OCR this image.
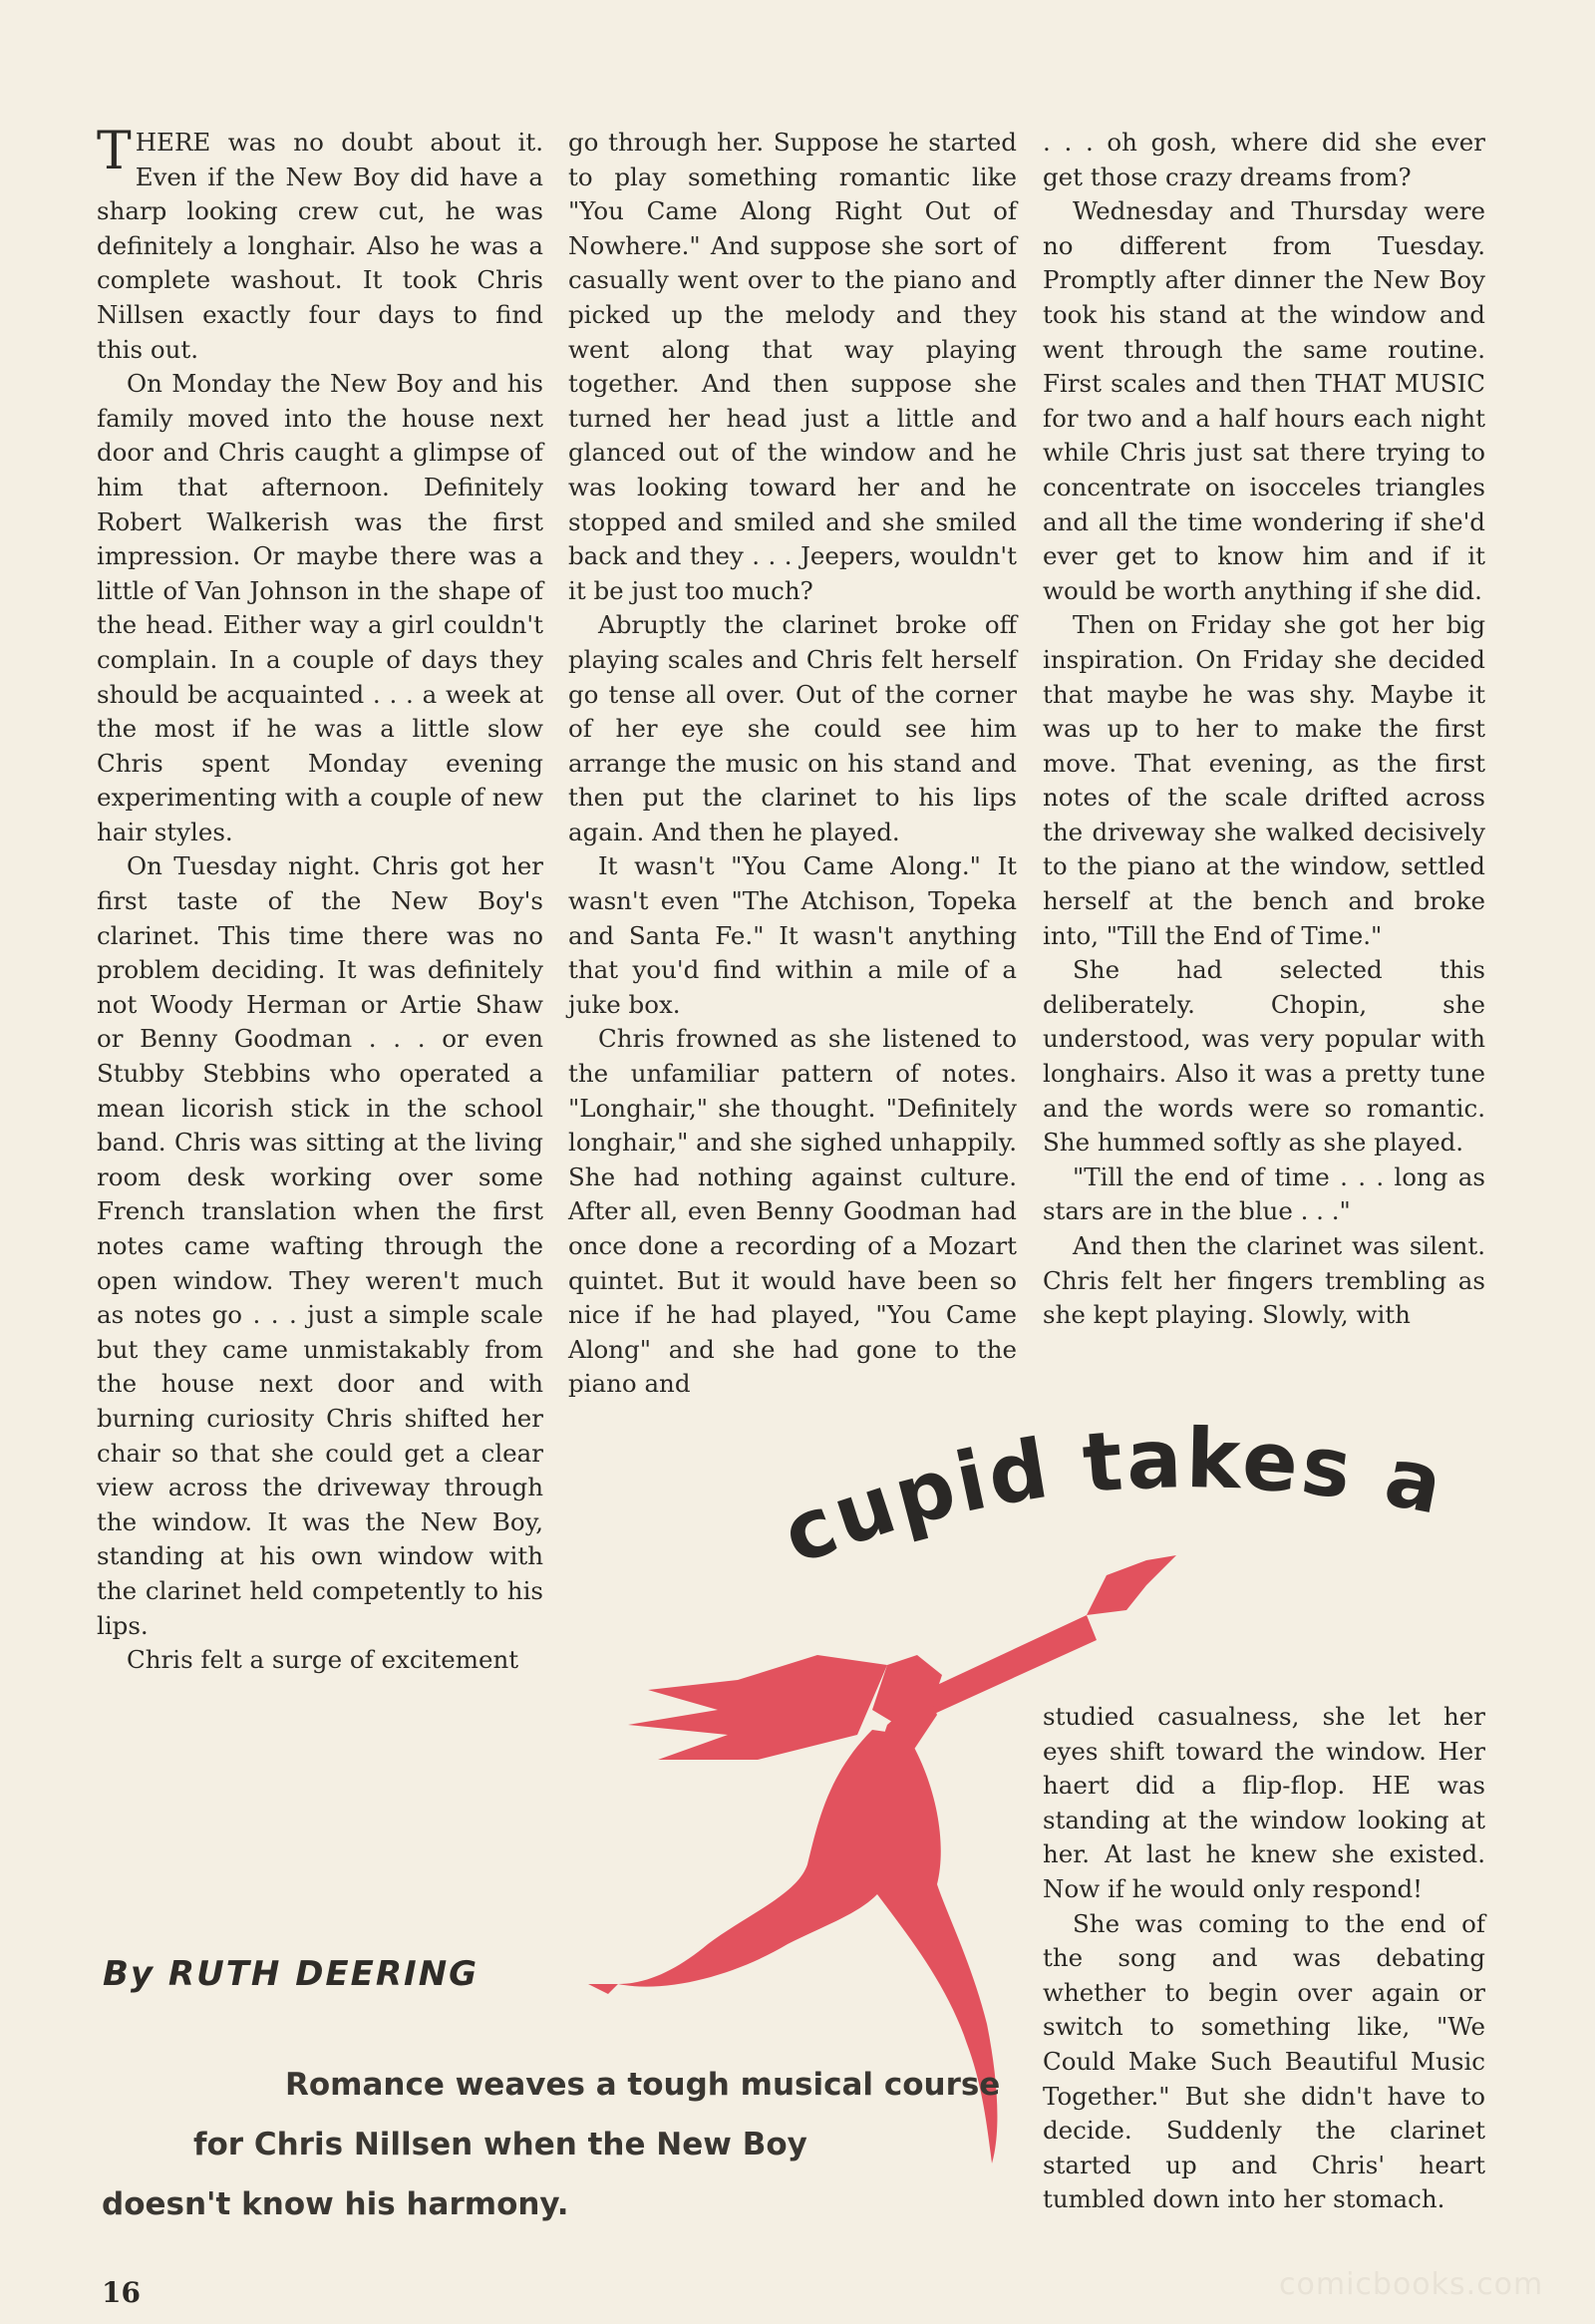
T HERE was no doubt about it. Even if the New Boy did have a sharp looking crew cut, he was definitely a longhair. Also he was a complete washout. It took Chris Nillsen exactly four days to find this out.

On Monday the New Boy and his family moved into the house next door and Chris caught a glimpse of him that afternoon. Definitely Robert Walkerish was the first impression. Or maybe there was a little of Van Johnson in the shape of the head. Either way a girl couldn't complain. In a couple of days they should be acquainted . . . a week at the most if he was a little slow Chris spent Monday evening experimenting with a couple of new hair styles.

On Tuesday night. Chris got her first taste of the New Boy's clarinet. This time there was no problem deciding. It was definitely not Woody Herman or Artie Shaw or Benny Goodman . . . or even Stubby Stebbins who operated a mean licorish stick in the school band. Chris was sitting at the living room desk working over some French translation when the first notes came wafting through the open window. They weren't much as notes go . . . just a simple scale but they came unmistakably from the house next door and with burning curiosity Chris shifted her chair so that she could get a clear view across the driveway through the window. It was the New Boy, standing at his own window with the clarinet held competently to his lips.

Chris felt a surge of excitement

go through her. Suppose he started to play something romantic like "You Came Along Right Out of Nowhere." And suppose she sort of casually went over to the piano and picked up the melody and they went along that way playing together. And then suppose she turned her head just a little and glanced out of the window and he was looking toward her and he stopped and smiled and she smiled back and they . . . Jeepers, wouldn't it be just too much?

Abruptly the clarinet broke off playing scales and Chris felt herself go tense all over. Out of the corner of her eye she could see him arrange the music on his stand and then put the clarinet to his lips again. And then he played.

It wasn't "You Came Along." It wasn't even "The Atchison, Topeka and Santa Fe." It wasn't anything that you'd find within a mile of a juke box.

Chris frowned as she listened to the unfamiliar pattern of notes. "Longhair," she thought. "Definitely longhair," and she sighed unhappily. She had nothing against culture. After all, even Benny Goodman had once done a recording of a Mozart quintet. But it would have been so nice if he had played, "You Came Along" and she had gone to the piano and

. . . oh gosh, where did she ever get those crazy dreams from?

Wednesday and Thursday were no different from Tuesday. Promptly after dinner the New Boy took his stand at the window and went through the same routine. First scales and then THAT MUSIC for two and a half hours each night while Chris just sat there trying to concentrate on isocceles triangles and all the time wondering if she'd ever get to know him and if it would be worth anything if she did.

Then on Friday she got her big inspiration. On Friday she decided that maybe he was shy. Maybe it was up to her to make the first move. That evening, as the first notes of the scale drifted across the driveway she walked decisively to the piano at the window, settled herself at the bench and broke into, "Till the End of Time."

She had selected this deliberately. Chopin, she understood, was very popular with longhairs. Also it was a pretty tune and the words were so romantic. She hummed softly as she played.

"Till the end of time . . . long as stars are in the blue . . ."

And then the clarinet was silent. Chris felt her fingers trembling as she kept playing. Slowly, with

studied casualness, she let her eyes shift toward the window. Her haert did a flip-flop. HE was standing at the window looking at her. At last he knew she existed. Now if he would only respond!

She was coming to the end of the song and was debating whether to begin over again or switch to something like, "We Could Make Such Beautiful Music Together." But she didn't have to decide. Suddenly the clarinet started up and Chris' heart tumbled down into her stomach.

cupid takes a
By RUTH DEERING
Romance weaves a tough musical course
for Chris Nillsen when the New Boy
doesn't know his harmony.
16	comicbooks.com
